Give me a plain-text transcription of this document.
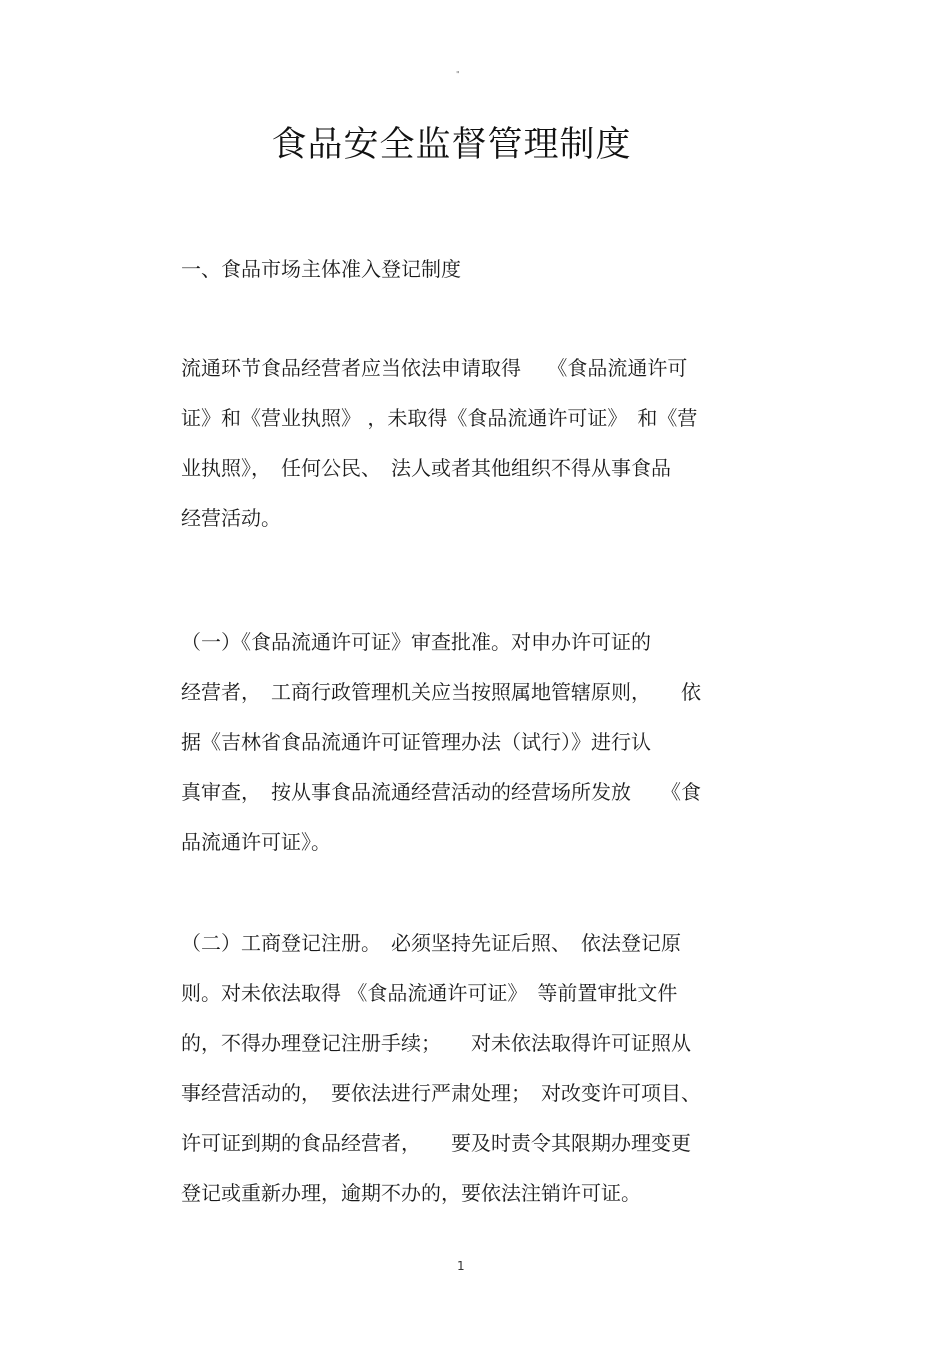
"
食品安全监督管理制度
一、食品市场主体准入登记制度
流通环节食品经营者应当依法申请取得　 《食品流通许可
证》和《营业执照》 ，未取得《食品流通许可证》　和《营
业执照》，　任何公民、　法人或者其他组织不得从事食品
经营活动。
（一）《食品流通许可证》审查批准。对申办许可证的
经营者，　工商行政管理机关应当按照属地管辖原则，　　依
据《吉林省食品流通许可证管理办法（试行）》进行认
真审查，　按从事食品流通经营活动的经营场所发放　　《食
品流通许可证》。
（二）工商登记注册。　必须坚持先证后照、　依法登记原
则。对未依法取得 《食品流通许可证》　等前置审批文件
的，不得办理登记注册手续；　　对未依法取得许可证照从
事经营活动的，　要依法进行严肃处理；　对改变许可项目、
许可证到期的食品经营者，　　要及时责令其限期办理变更
登记或重新办理，逾期不办的，要依法注销许可证。
1
